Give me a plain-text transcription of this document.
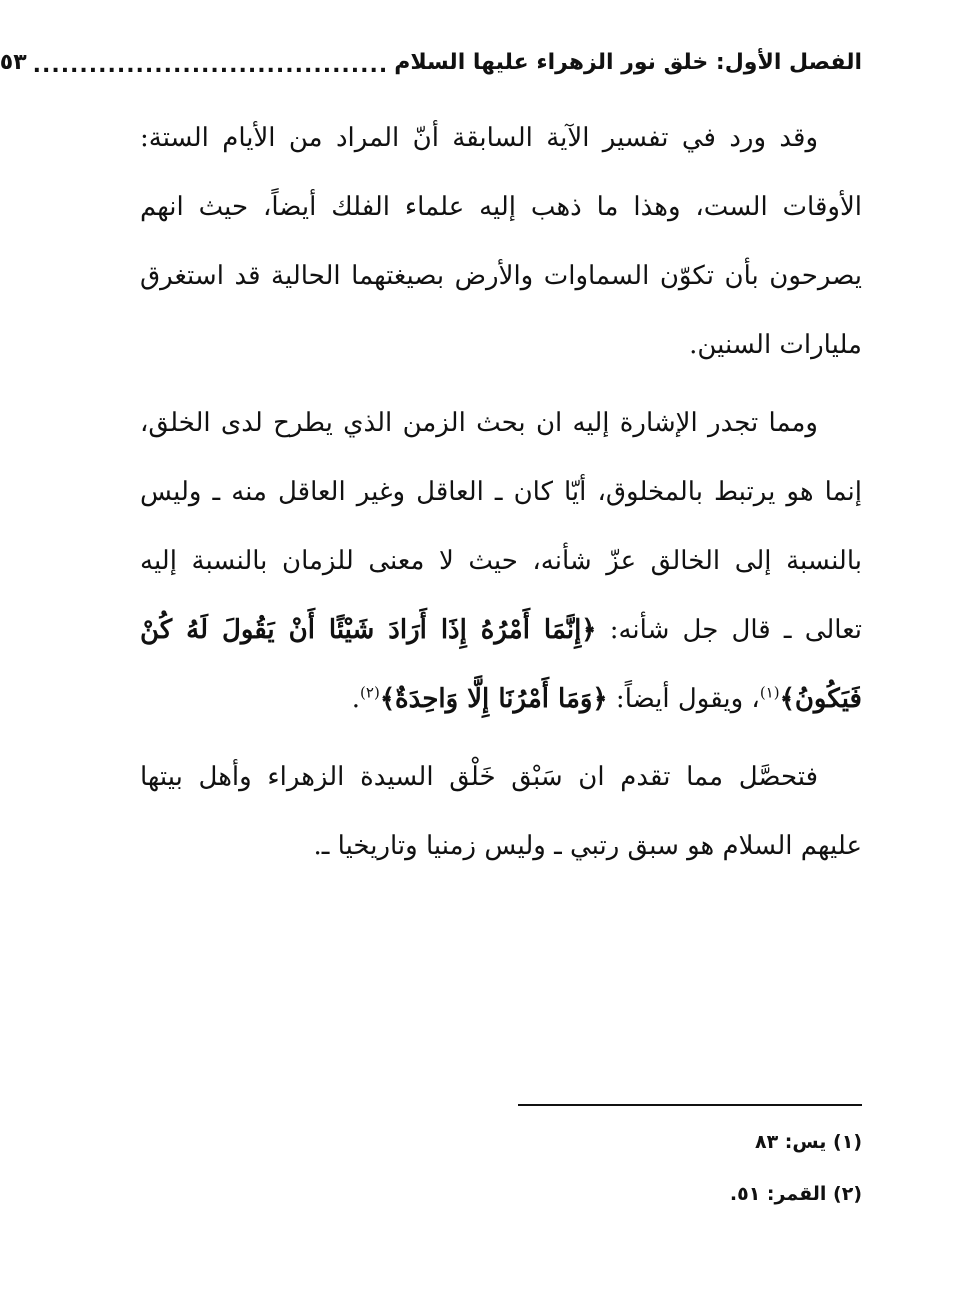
الفصل الأول: خلق نور الزهراء عليها السلام
......................................
٥٣

وقد ورد في تفسير الآية السابقة أنّ المراد من الأيام الستة: الأوقات الست، وهذا ما ذهب إليه علماء الفلك أيضاً، حيث انهم يصرحون بأن تكوّن السماوات والأرض بصيغتهما الحالية قد استغرق مليارات السنين.

ومما تجدر الإشارة إليه ان بحث الزمن الذي يطرح لدى الخلق، إنما هو يرتبط بالمخلوق، أيّا كان ـ العاقل وغير العاقل منه ـ وليس بالنسبة إلى الخالق عزّ شأنه، حيث لا معنى للزمان بالنسبة إليه تعالى ـ قال جل شأنه: ﴿إِنَّمَا أَمْرُهُ إِذَا أَرَادَ شَيْئًا أَنْ يَقُولَ لَهُ كُنْ فَيَكُونُ﴾$^{(١)}$، ويقول أيضاً: ﴿وَمَا أَمْرُنَا إِلَّا وَاحِدَةٌ﴾$^{(٢)}$.

فتحصَّل مما تقدم ان سَبْق خَلْق السيدة الزهراء وأهل بيتها عليهم السلام هو سبق رتبي ـ وليس زمنيا وتاريخيا ـ.

(١) يس: ٨٣
(٢) القمر: ٥١.
